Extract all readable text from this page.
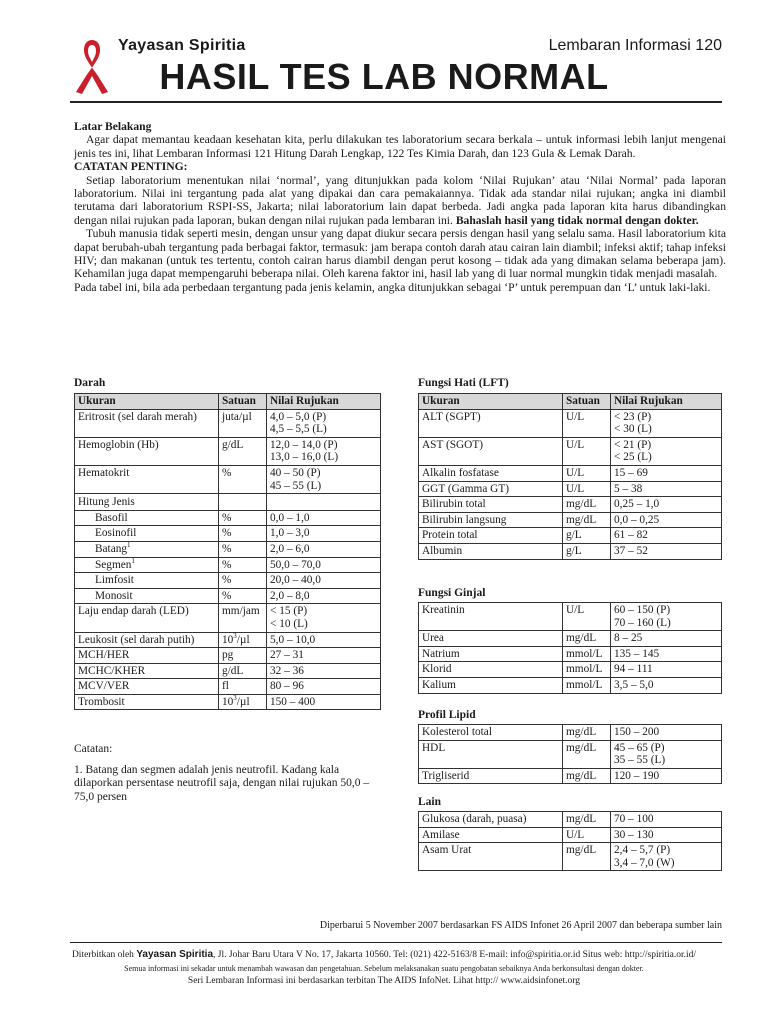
Yayasan Spiritia	Lembaran Informasi 120
HASIL TES LAB NORMAL

Latar Belakang

Agar dapat memantau keadaan kesehatan kita, perlu dilakukan tes laboratorium secara berkala – untuk informasi lebih lanjut mengenai jenis tes ini, lihat Lembaran Informasi 121 Hitung Darah Lengkap, 122 Tes Kimia Darah, dan 123 Gula & Lemak Darah.

CATATAN PENTING:

Setiap laboratorium menentukan nilai ‘normal’, yang ditunjukkan pada kolom ‘Nilai Rujukan’ atau ‘Nilai Normal’ pada laporan laboratorium. Nilai ini tergantung pada alat yang dipakai dan cara pemakaiannya. Tidak ada standar nilai rujukan; angka ini diambil terutama dari laboratorium RSPI-SS, Jakarta; nilai laboratorium lain dapat berbeda. Jadi angka pada laporan kita harus dibandingkan dengan nilai rujukan pada laporan, bukan dengan nilai rujukan pada lembaran ini. Bahaslah hasil yang tidak normal dengan dokter.

Tubuh manusia tidak seperti mesin, dengan unsur yang dapat diukur secara persis dengan hasil yang selalu sama. Hasil laboratorium kita dapat berubah-ubah tergantung pada berbagai faktor, termasuk: jam berapa contoh darah atau cairan lain diambil; infeksi aktif; tahap infeksi HIV; dan makanan (untuk tes tertentu, contoh cairan harus diambil dengan perut kosong – tidak ada yang dimakan selama beberapa jam). Kehamilan juga dapat mempengaruhi beberapa nilai. Oleh karena faktor ini, hasil lab yang di luar normal mungkin tidak menjadi masalah.

Pada tabel ini, bila ada perbedaan tergantung pada jenis kelamin, angka ditunjukkan sebagai ‘P’ untuk perempuan dan ‘L’ untuk laki-laki.

Darah
Ukuran	Satuan	Nilai Rujukan
Eritrosit (sel darah merah)	juta/µl	4,0 – 5,0 (P)
4,5 – 5,5 (L)

Hemoglobin (Hb)	g/dL	12,0 – 14,0 (P)
13,0 – 16,0 (L)

Hematokrit	%	40 – 50 (P)
45 – 55 (L)

Hitung Jenis		
Basofil	%	0,0 – 1,0
Eosinofil	%	1,0 – 3,0
Batang$^1$	%	2,0 – 6,0
Segmen$^1$	%	50,0 – 70,0
Limfosit	%	20,0 – 40,0
Monosit	%	2,0 – 8,0
Laju endap darah (LED)	mm/jam	< 15 (P)
< 10 (L)

Leukosit (sel darah putih)	$10^3/\mu l$	5,0 – 10,0
MCH/HER	pg	27 – 31
MCHC/KHER	g/dL	32 – 36
MCV/VER	fl	80 – 96
Trombosit	$10^3/\mu l$	150 – 400
Catatan:
1. Batang dan segmen adalah jenis neutrofil. Kadang kala dilaporkan persentase neutrofil saja, dengan nilai rujukan 50,0 – 75,0 persen
Fungsi Hati (LFT)
Ukuran	Satuan	Nilai Rujukan
ALT (SGPT)	U/L	< 23 (P)
< 30 (L)

AST (SGOT)	U/L	< 21 (P)
< 25 (L)

Alkalin fosfatase	U/L	15 – 69
GGT (Gamma GT)	U/L	5 – 38
Bilirubin total	mg/dL	0,25 – 1,0
Bilirubin langsung	mg/dL	0,0 – 0,25
Protein total	g/L	61 – 82
Albumin	g/L	37 – 52
Fungsi Ginjal
Kreatinin	U/L	60 – 150 (P)
70 – 160 (L)

Urea	mg/dL	8 – 25
Natrium	mmol/L	135 – 145
Klorid	mmol/L	94 – 111
Kalium	mmol/L	3,5 – 5,0
Profil Lipid
Kolesterol total	mg/dL	150 – 200
HDL	mg/dL	45 – 65 (P)
35 – 55 (L)

Trigliserid	mg/dL	120 – 190
Lain
Glukosa (darah, puasa)	mg/dL	70 – 100
Amilase	U/L	30 – 130
Asam Urat	mg/dL	2,4 – 5,7 (P)
3,4 – 7,0 (W)
Diperbarui 5 November 2007 berdasarkan FS AIDS Infonet 26 April 2007 dan beberapa sumber lain
Diterbitkan oleh Yayasan Spiritia, Jl. Johar Baru Utara V No. 17, Jakarta 10560. Tel: (021) 422-5163/8 E-mail: info@spiritia.or.id Situs web: http://spiritia.or.id/
Semua informasi ini sekadar untuk menambah wawasan dan pengetahuan. Sebelum melaksanakan suatu pengobatan sebaiknya Anda berkonsultasi dengan dokter.
Seri Lembaran Informasi ini berdasarkan terbitan The AIDS InfoNet. Lihat http:// www.aidsinfonet.org
